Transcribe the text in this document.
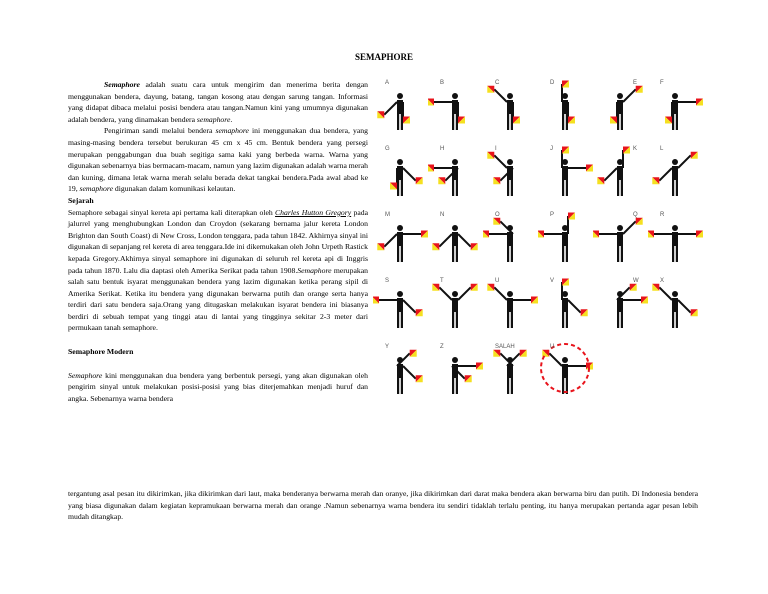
SEMAPHORE

Semaphore adalah suatu cara untuk mengirim dan menerima berita dengan menggunakan bendera, dayung, batang, tangan kosong atau dengan sarung tangan. Informasi yang didapat dibaca melalui posisi bendera atau tangan.Namun kini yang umumnya digunakan adalah bendera, yang dinamakan bendera semaphore.

Pengiriman sandi melalui bendera semaphore ini menggunakan dua bendera, yang masing-masing bendera tersebut berukuran 45 cm x 45 cm. Bentuk bendera yang persegi merupakan penggabungan dua buah segitiga sama kaki yang berbeda warna. Warna yang digunakan sebenarnya bias bermacam-macam, namun yang lazim digunakan adalah warna merah dan kuning, dimana letak warna merah selalu berada dekat tangkai bendera.Pada awal abad ke 19, semaphore digunakan dalam komunikasi kelautan.

Sejarah

Semaphore sebagai sinyal kereta api pertama kali diterapkan oleh Charles Hutton Gregory pada jalurrel yang menghubungkan London dan Croydon (sekarang bernama jalur kereta London Brighton dan South Coast) di New Cross, London tenggara, pada tahun 1842. Akhirnya sinyal ini digunakan di sepanjang rel kereta di area tenggara.Ide ini dikemukakan oleh John Urpeth Rastick kepada Gregory.Akhirnya sinyal semaphore ini digunakan di seluruh rel kereta api di Inggris pada tahun 1870. Lalu dia daptasi oleh Amerika Serikat pada tahun 1908.Semaphore merupakan salah satu bentuk isyarat menggunakan bendera yang lazim digunakan ketika perang sipil di Amerika Serikat. Ketika itu bendera yang digunakan berwarna putih dan orange serta hanya terdiri dari satu bendera saja.Orang yang ditugaskan melakukan isyarat bendera ini biasanya berdiri di sebuah tempat yang tinggi atau di lantai yang tingginya sekitar 2-3 meter dari permukaan tanah semaphore.

Semaphore Modern

Semaphore kini menggunakan dua bendera yang berbentuk persegi, yang akan digunakan oleh pengirim sinyal untuk melakukan posisi-posisi yang bias diterjemahkan menjadi huruf dan angka. Sebenarnya warna bendera

tergantung asal pesan itu dikirimkan, jika dikirimkan dari laut, maka benderanya berwarna merah dan oranye, jika dikirimkan dari darat maka bendera akan berwarna biru dan putih. Di Indonesia bendera yang biasa digunakan dalam kegiatan kepramukaan berwarna merah dan orange .Namun sebenarnya warna bendera itu sendiri tidaklah terlalu penting, itu hanya merupakan pertanda agar pesan lebih mudah ditangkap.
A	B	C	D	E	F
G	H	I	J	K	L
M	N	O	P	Q	R
S	T	U	V	W	X
Y	Z	SALAH	U
